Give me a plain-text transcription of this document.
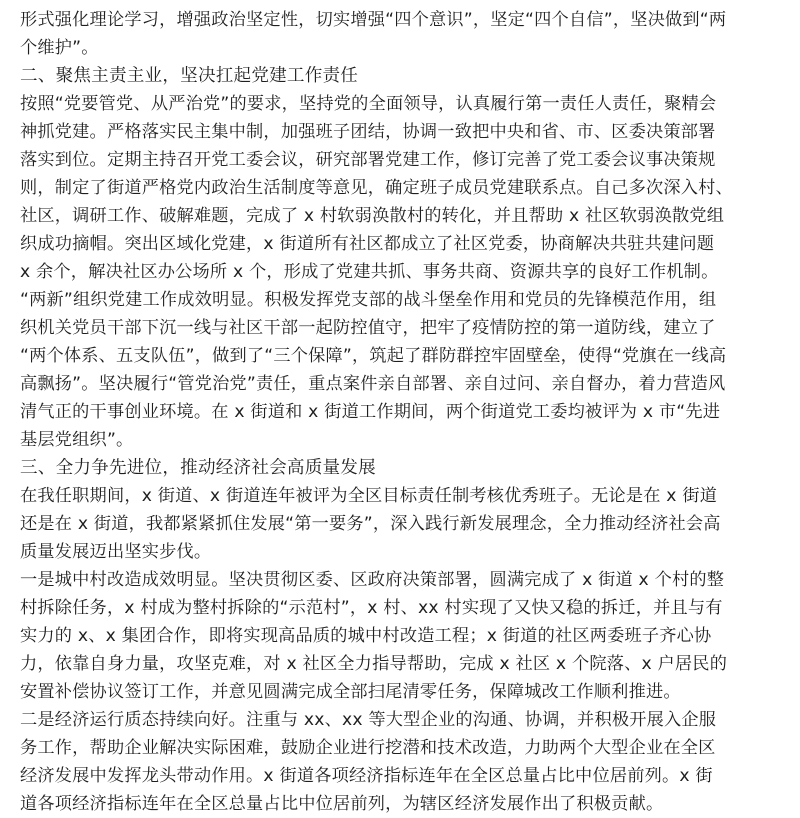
形式强化理论学习，增强政治坚定性，切实增强“四个意识”，坚定“四个自信”，坚决做到“两
个维护”。
二、聚焦主责主业，坚决扛起党建工作责任
按照“党要管党、从严治党”的要求，坚持党的全面领导，认真履行第一责任人责任，聚精会
神抓党建。严格落实民主集中制，加强班子团结，协调一致把中央和省、市、区委决策部署
落实到位。定期主持召开党工委会议，研究部署党建工作，修订完善了党工委会议事决策规
则，制定了街道严格党内政治生活制度等意见，确定班子成员党建联系点。自己多次深入村、
社区，调研工作、破解难题，完成了 x 村软弱涣散村的转化，并且帮助 x 社区软弱涣散党组
织成功摘帽。突出区域化党建，x 街道所有社区都成立了社区党委，协商解决共驻共建问题
x 余个，解决社区办公场所 x 个，形成了党建共抓、事务共商、资源共享的良好工作机制。
“两新”组织党建工作成效明显。积极发挥党支部的战斗堡垒作用和党员的先锋模范作用，组
织机关党员干部下沉一线与社区干部一起防控值守，把牢了疫情防控的第一道防线，建立了
“两个体系、五支队伍”，做到了“三个保障”，筑起了群防群控牢固壁垒，使得“党旗在一线高
高飘扬”。坚决履行“管党治党”责任，重点案件亲自部署、亲自过问、亲自督办，着力营造风
清气正的干事创业环境。在 x 街道和 x 街道工作期间，两个街道党工委均被评为 x 市“先进
基层党组织”。
三、全力争先进位，推动经济社会高质量发展
在我任职期间，x 街道、x 街道连年被评为全区目标责任制考核优秀班子。无论是在 x 街道
还是在 x 街道，我都紧紧抓住发展“第一要务”，深入践行新发展理念，全力推动经济社会高
质量发展迈出坚实步伐。
一是城中村改造成效明显。坚决贯彻区委、区政府决策部署，圆满完成了 x 街道 x 个村的整
村拆除任务，x 村成为整村拆除的“示范村”，x 村、xx 村实现了又快又稳的拆迁，并且与有
实力的 x、x 集团合作，即将实现高品质的城中村改造工程；x 街道的社区两委班子齐心协
力，依靠自身力量，攻坚克难，对 x 社区全力指导帮助，完成 x 社区 x 个院落、x 户居民的
安置补偿协议签订工作，并意见圆满完成全部扫尾清零任务，保障城改工作顺利推进。
二是经济运行质态持续向好。注重与 xx、xx 等大型企业的沟通、协调，并积极开展入企服
务工作，帮助企业解决实际困难，鼓励企业进行挖潜和技术改造，力助两个大型企业在全区
经济发展中发挥龙头带动作用。x 街道各项经济指标连年在全区总量占比中位居前列。x 街
道各项经济指标连年在全区总量占比中位居前列，为辖区经济发展作出了积极贡献。
